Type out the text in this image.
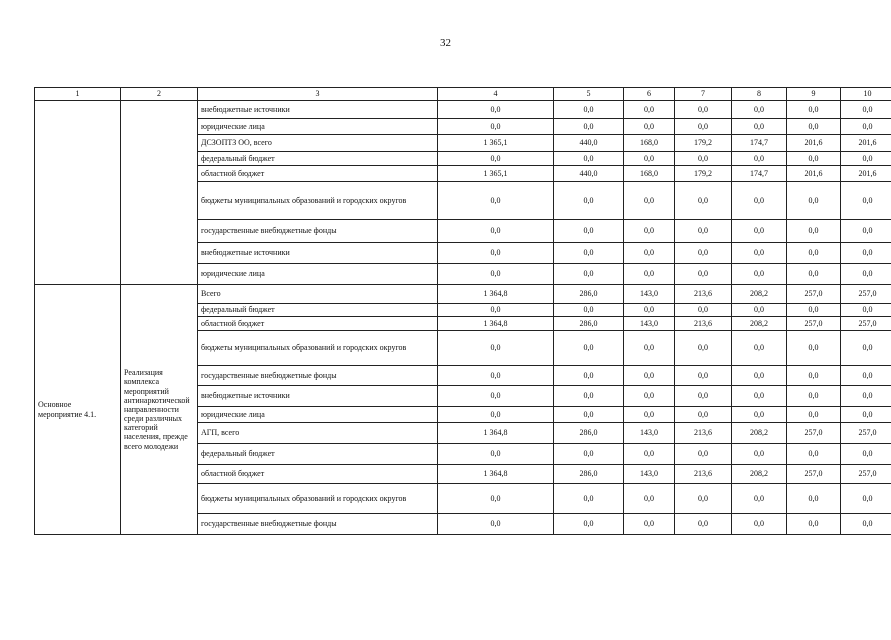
32
1	2	3	4	5	6	7	8	9	10
		внебюджетные источники	0,0	0,0	0,0	0,0	0,0	0,0	0,0
		юридические лица	0,0	0,0	0,0	0,0	0,0	0,0	0,0
		ДСЗОПТЗ ОО, всего	1 365,1	440,0	168,0	179,2	174,7	201,6	201,6
		федеральный бюджет	0,0	0,0	0,0	0,0	0,0	0,0	0,0
		областной бюджет	1 365,1	440,0	168,0	179,2	174,7	201,6	201,6
		бюджеты муниципальных образований и городских округов	0,0	0,0	0,0	0,0	0,0	0,0	0,0
		государственные внебюджетные фонды	0,0	0,0	0,0	0,0	0,0	0,0	0,0
		внебюджетные источники	0,0	0,0	0,0	0,0	0,0	0,0	0,0
		юридические лица	0,0	0,0	0,0	0,0	0,0	0,0	0,0
Основное мероприятие 4.1.	Реализация комплекса мероприятий антинаркотической направленности среди различных категорий населения, прежде всего молодежи	Всего	1 364,8	286,0	143,0	213,6	208,2	257,0	257,0
		федеральный бюджет	0,0	0,0	0,0	0,0	0,0	0,0	0,0
		областной бюджет	1 364,8	286,0	143,0	213,6	208,2	257,0	257,0
		бюджеты муниципальных образований и городских округов	0,0	0,0	0,0	0,0	0,0	0,0	0,0
		государственные внебюджетные фонды	0,0	0,0	0,0	0,0	0,0	0,0	0,0
		внебюджетные источники	0,0	0,0	0,0	0,0	0,0	0,0	0,0
		юридические лица	0,0	0,0	0,0	0,0	0,0	0,0	0,0
		АГП, всего	1 364,8	286,0	143,0	213,6	208,2	257,0	257,0
		федеральный бюджет	0,0	0,0	0,0	0,0	0,0	0,0	0,0
		областной бюджет	1 364,8	286,0	143,0	213,6	208,2	257,0	257,0
		бюджеты муниципальных образований и городских округов	0,0	0,0	0,0	0,0	0,0	0,0	0,0
		государственные внебюджетные фонды	0,0	0,0	0,0	0,0	0,0	0,0	0,0
